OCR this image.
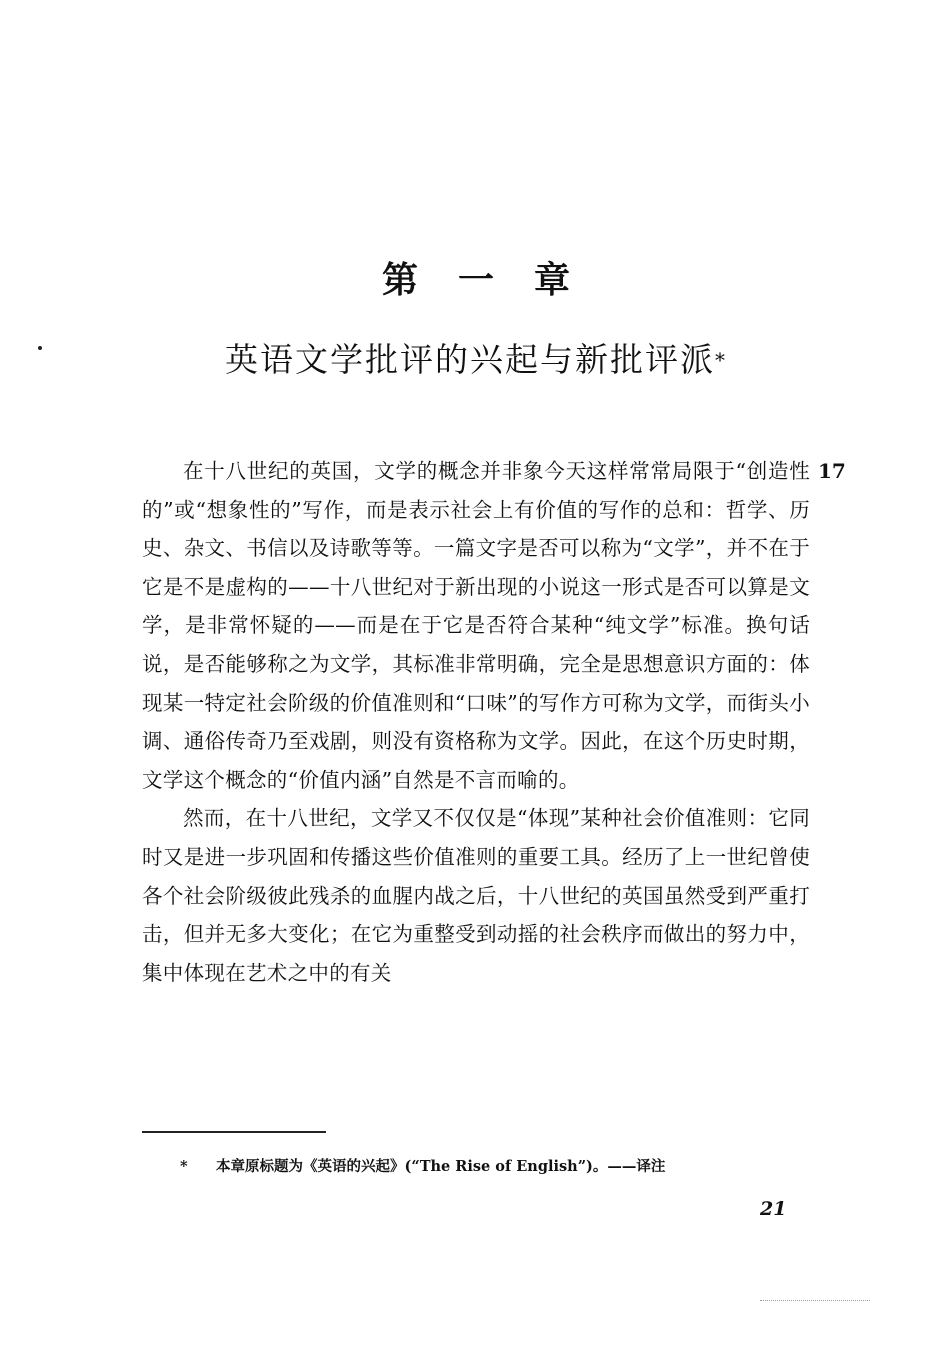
第一章
英语文学批评的兴起与新批评派*
17

在十八世纪的英国，文学的概念并非象今天这样常常局限于“创造性的”或“想象性的”写作，而是表示社会上有价值的写作的总和：哲学、历史、杂文、书信以及诗歌等等。一篇文字是否可以称为“文学”，并不在于它是不是虚构的——十八世纪对于新出现的小说这一形式是否可以算是文学，是非常怀疑的——而是在于它是否符合某种“纯文学”标准。换句话说，是否能够称之为文学，其标准非常明确，完全是思想意识方面的：体现某一特定社会阶级的价值准则和“口味”的写作方可称为文学，而街头小调、通俗传奇乃至戏剧，则没有资格称为文学。因此，在这个历史时期，文学这个概念的“价值内涵”自然是不言而喻的。

然而，在十八世纪，文学又不仅仅是“体现”某种社会价值准则：它同时又是进一步巩固和传播这些价值准则的重要工具。经历了上一世纪曾使各个社会阶级彼此残杀的血腥内战之后，十八世纪的英国虽然受到严重打击，但并无多大变化；在它为重整受到动摇的社会秩序而做出的努力中，集中体现在艺术之中的有关

* 本章原标题为《英语的兴起》(“The Rise of English”)。——译注
21
